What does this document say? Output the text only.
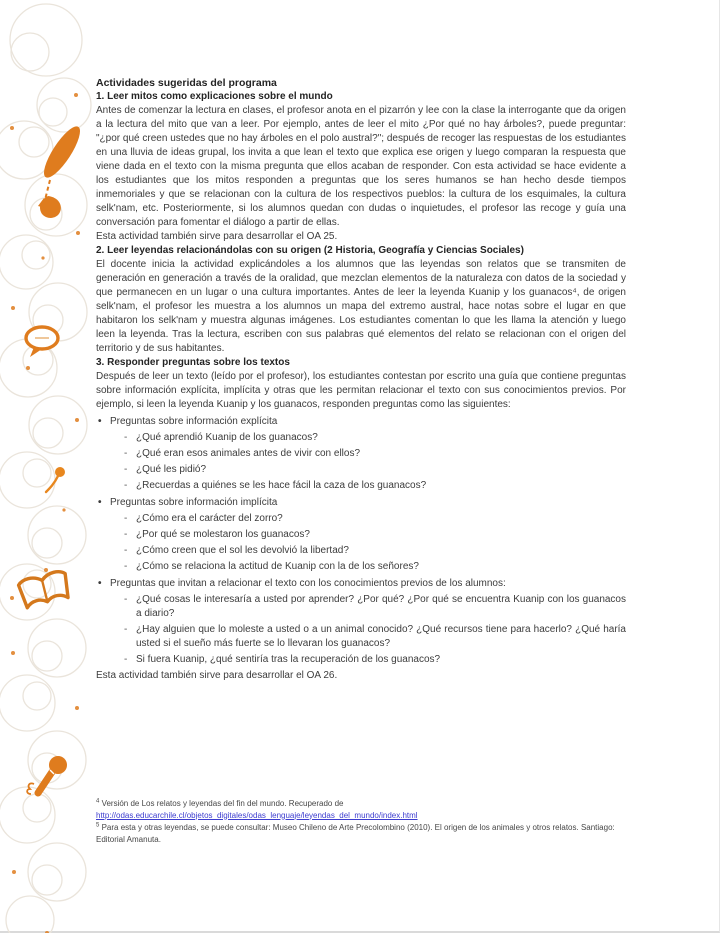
Actividades sugeridas del programa

1. Leer mitos como explicaciones sobre el mundo

Antes de comenzar la lectura en clases, el profesor anota en el pizarrón y lee con la clase la interrogante que da origen a la lectura del mito que van a leer. Por ejemplo, antes de leer el mito ¿Por qué no hay árboles?, puede preguntar: "¿por qué creen ustedes que no hay árboles en el polo austral?"; después de recoger las respuestas de los estudiantes en una lluvia de ideas grupal, los invita a que lean el texto que explica ese origen y luego comparan la respuesta que viene dada en el texto con la misma pregunta que ellos acaban de responder. Con esta actividad se hace evidente a los estudiantes que los mitos responden a preguntas que los seres humanos se han hecho desde tiempos inmemoriales y que se relacionan con la cultura de los respectivos pueblos: la cultura de los esquimales, la cultura selk'nam, etc. Posteriormente, si los alumnos quedan con dudas o inquietudes, el profesor las recoge y guía una conversación para fomentar el diálogo a partir de ellas.

Esta actividad también sirve para desarrollar el OA 25.

2. Leer leyendas relacionándolas con su origen (2 Historia, Geografía y Ciencias Sociales)

El docente inicia la actividad explicándoles a los alumnos que las leyendas son relatos que se transmiten de generación en generación a través de la oralidad, que mezclan elementos de la naturaleza con datos de la sociedad y que permanecen en un lugar o una cultura importantes. Antes de leer la leyenda Kuanip y los guanacos⁴, de origen selk'nam, el profesor les muestra a los alumnos un mapa del extremo austral, hace notas sobre el lugar en que habitaron los selk'nam y muestra algunas imágenes. Los estudiantes comentan lo que les llama la atención y luego leen la leyenda. Tras la lectura, escriben con sus palabras qué elementos del relato se relacionan con el origen del territorio y de sus habitantes.

3. Responder preguntas sobre los textos

Después de leer un texto (leído por el profesor), los estudiantes contestan por escrito una guía que contiene preguntas sobre información explícita, implícita y otras que les permitan relacionar el texto con sus conocimientos previos. Por ejemplo, si leen la leyenda Kuanip y los guanacos, responden preguntas como las siguientes:

• Preguntas sobre información explícita
- ¿Qué aprendió Kuanip de los guanacos?
- ¿Qué eran esos animales antes de vivir con ellos?
- ¿Qué les pidió?
- ¿Recuerdas a quiénes se les hace fácil la caza de los guanacos?
• Preguntas sobre información implícita
- ¿Cómo era el carácter del zorro?
- ¿Por qué se molestaron los guanacos?
- ¿Cómo creen que el sol les devolvió la libertad?
- ¿Cómo se relaciona la actitud de Kuanip con la de los señores?
• Preguntas que invitan a relacionar el texto con los conocimientos previos de los alumnos:
- ¿Qué cosas le interesaría a usted por aprender? ¿Por qué? ¿Por qué se encuentra Kuanip con los guanacos a diario?
- ¿Hay alguien que lo moleste a usted o a un animal conocido? ¿Qué recursos tiene para hacerlo? ¿Qué haría usted si el sueño más fuerte se lo llevaran los guanacos?
- Si fuera Kuanip, ¿qué sentiría tras la recuperación de los guanacos?

Esta actividad también sirve para desarrollar el OA 26.

$^4$ Versión de Los relatos y leyendas del fin del mundo. Recuperado de
http://odas.educarchile.cl/objetos_digitales/odas_lenguaje/leyendas_del_mundo/index.html

$^5$ Para esta y otras leyendas, se puede consultar: Museo Chileno de Arte Precolombino (2010). El origen de los animales y otros relatos. Santiago: Editorial Amanuta.
